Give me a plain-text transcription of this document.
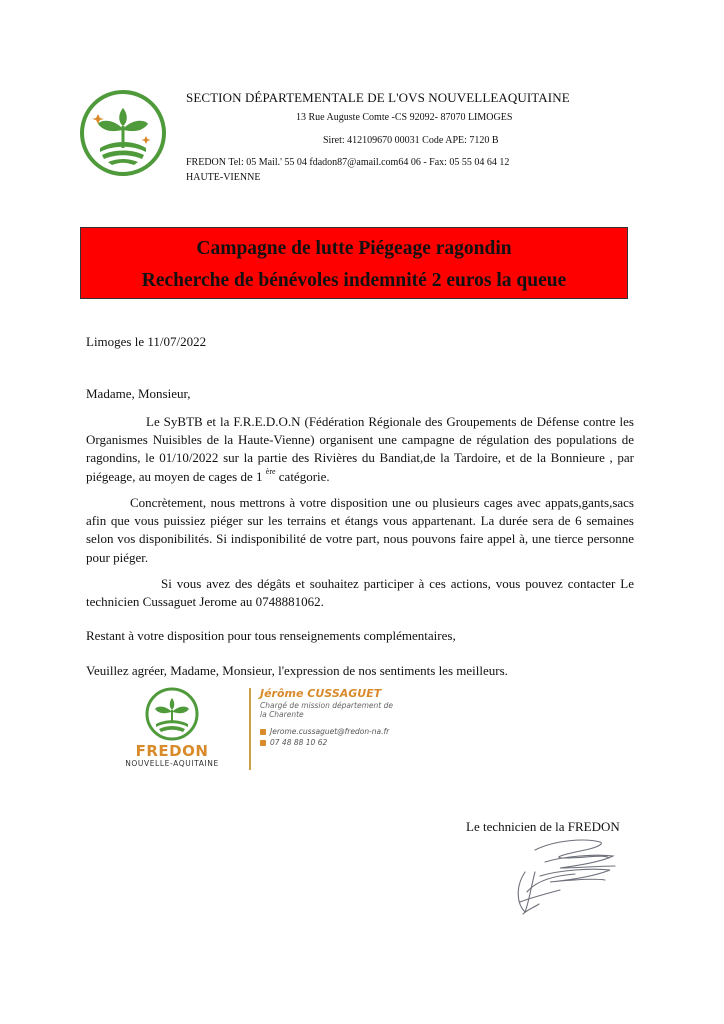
SECTION DÉPARTEMENTALE DE L'OVS NOUVELLEAQUITAINE
13 Rue Auguste Comte -CS 92092- 87070 LIMOGES
Siret: 412109670 00031 Code APE: 7120 B
FREDON Tel: 05 Mail.' 55 04 fdadon87@amail.com64 06 - Fax: 05 55 04 64 12
HAUTE-VIENNE
Campagne de lutte Piégeage ragondin
Recherche de bénévoles indemnité 2 euros la queue
Limoges le 11/07/2022
Madame, Monsieur,
Le SyBTB et la F.R.E.D.O.N (Fédération Régionale des Groupements de Défense contre les Organismes Nuisibles de la Haute-Vienne) organisent une campagne de régulation des populations de ragondins, le 01/10/2022 sur la partie des Rivières du Bandiat,de la Tardoire, et de la Bonnieure , par piégeage, au moyen de cages de 1 $^{ère}$ catégorie.
Concrètement, nous mettrons à votre disposition une ou plusieurs cages avec appats,gants,sacs afin que vous puissiez piéger sur les terrains et étangs vous appartenant. La durée sera de 6 semaines selon vos disponibilités. Si indisponibilité de votre part, nous pouvons faire appel à, une tierce personne pour piéger.
Si vous avez des dégâts et souhaitez participer à ces actions, vous pouvez contacter Le technicien Cussaguet Jerome au 0748881062.
Restant à votre disposition pour tous renseignements complémentaires,
Veuillez agréer, Madame, Monsieur, l'expression de nos sentiments les meilleurs.
FREDON
NOUVELLE-AQUITAINE
Jérôme CUSSAGUET
Chargé de mission département de la Charente
Jerome.cussaguet@fredon-na.fr
07 48 88 10 62
Le technicien de la FREDON
